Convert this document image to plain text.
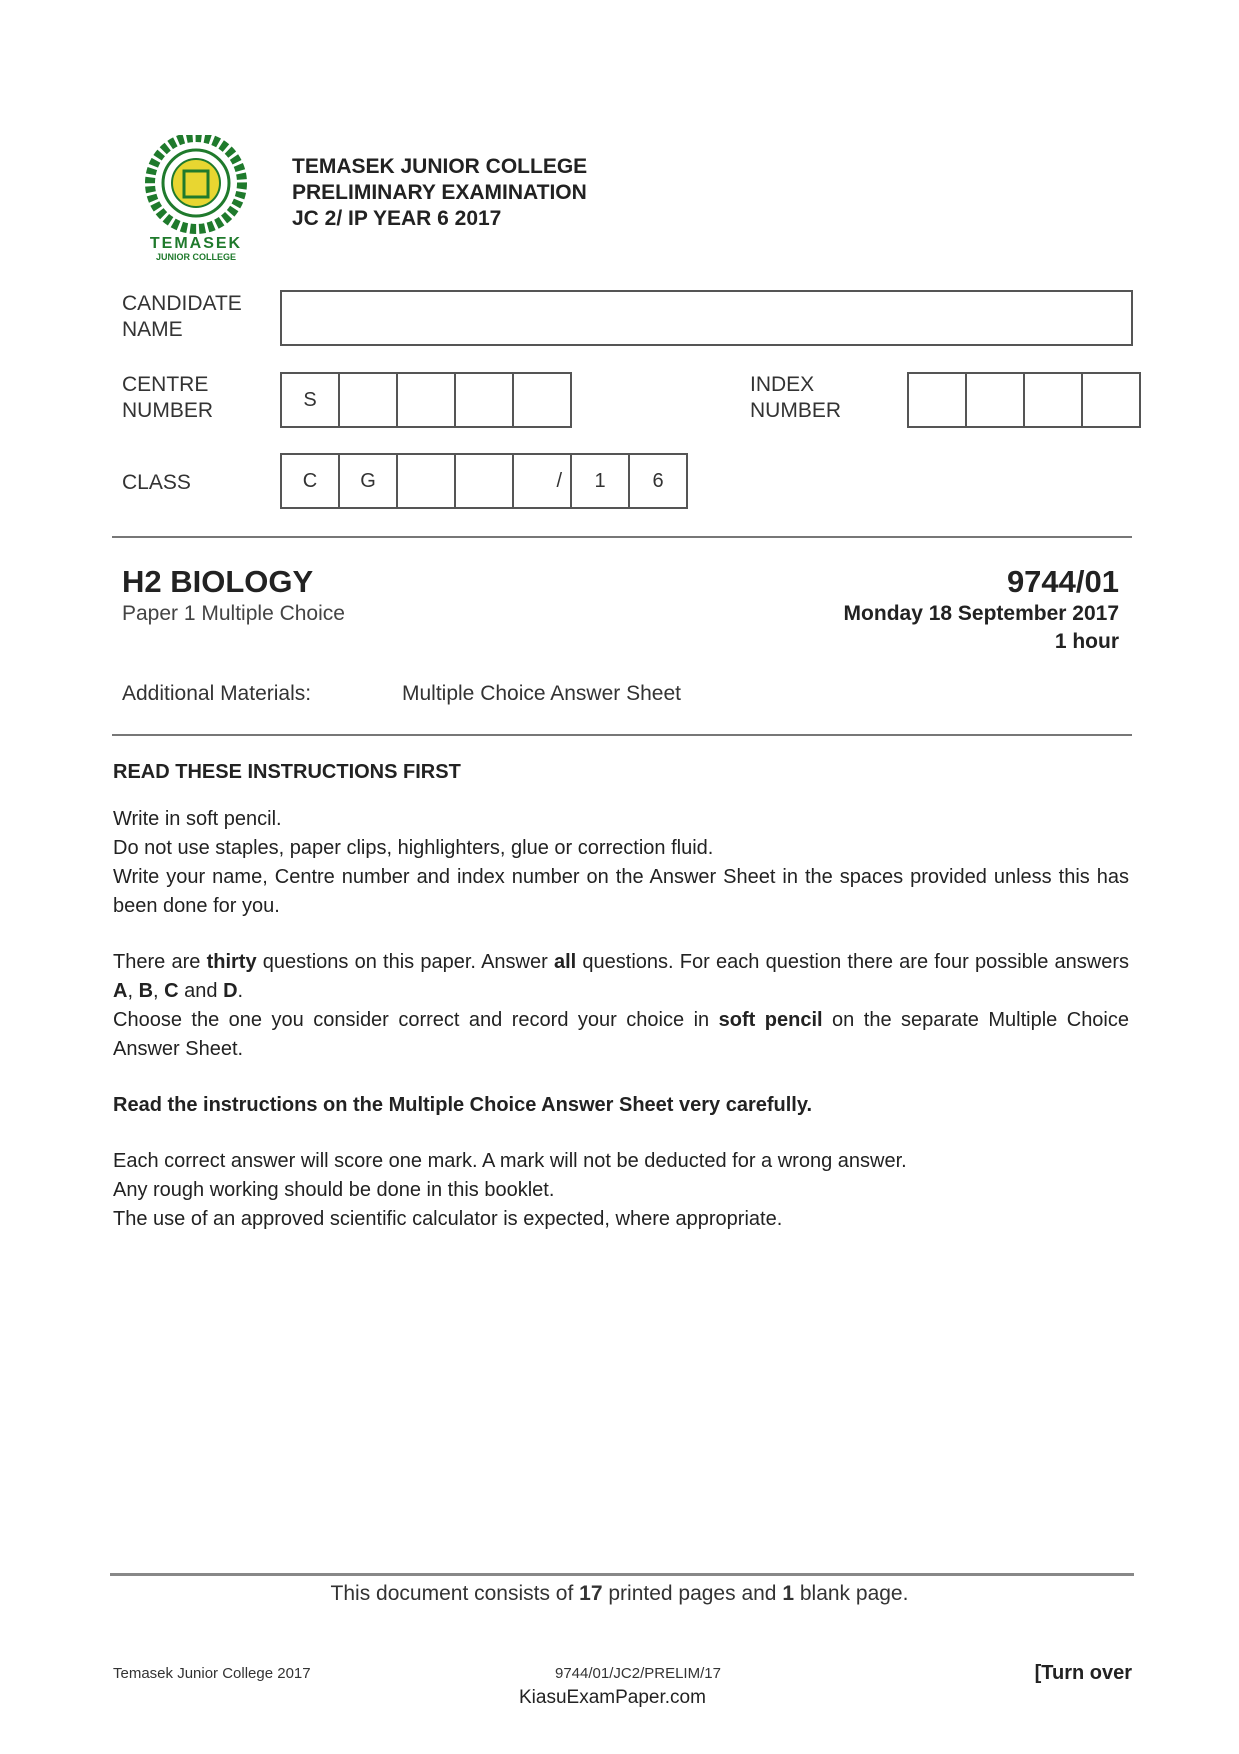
TEMASEK
JUNIOR COLLEGE
TEMASEK JUNIOR COLLEGE
PRELIMINARY EXAMINATION
JC 2/ IP YEAR 6 2017
CANDIDATE
NAME
CENTRE
NUMBER	S
INDEX
NUMBER
CLASS	C	G	/	1	6
H2 BIOLOGY	9744/01
Paper 1 Multiple Choice	Monday 18 September 2017
1 hour
Additional Materials:	Multiple Choice Answer Sheet
READ THESE INSTRUCTIONS FIRST

Write in soft pencil.
Do not use staples, paper clips, highlighters, glue or correction fluid.
Write your name, Centre number and index number on the Answer Sheet in the spaces provided unless this has been done for you.

There are thirty questions on this paper. Answer all questions. For each question there are four possible answers A, B, C and D.
Choose the one you consider correct and record your choice in soft pencil on the separate Multiple Choice Answer Sheet.

Read the instructions on the Multiple Choice Answer Sheet very carefully.

Each correct answer will score one mark. A mark will not be deducted for a wrong answer.
Any rough working should be done in this booklet.
The use of an approved scientific calculator is expected, where appropriate.

This document consists of 17 printed pages and 1 blank page.
Temasek Junior College 2017	9744/01/JC2/PRELIM/17	[Turn over
KiasuExamPaper.com
